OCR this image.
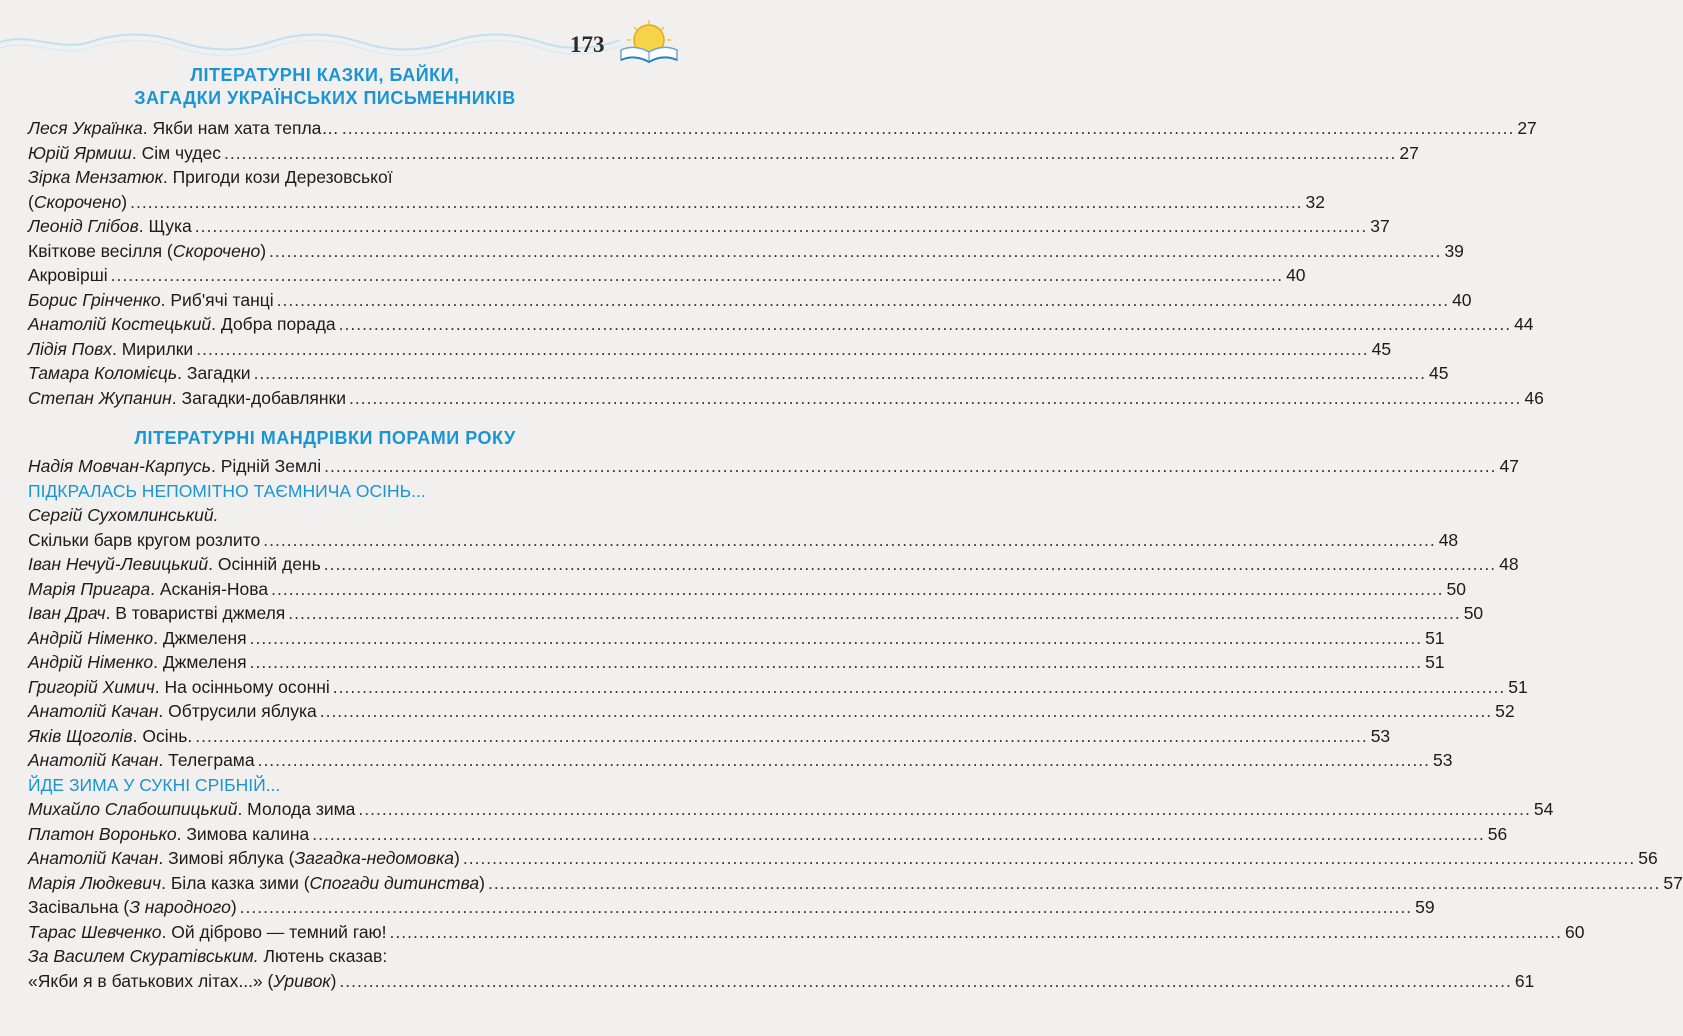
173
ЛІТЕРАТУРНІ КАЗКИ, БАЙКИ,
ЗАГАДКИ УКРАЇНСЬКИХ ПИСЬМЕННИКІВ
Леся Українка. Якби нам хата тепла… ........................................................................................................................................................................................................ 27
Юрій Ярмиш. Сім чудес ........................................................................................................................................................................................................ 27
Зірка Мензатюк. Пригоди кози Дерезовської
(Скорочено) ........................................................................................................................................................................................................ 32
Леонід Глібов. Щука ........................................................................................................................................................................................................ 37
Квіткове весілля (Скорочено) ........................................................................................................................................................................................................ 39
Акровірші ........................................................................................................................................................................................................ 40
Борис Грінченко. Риб'ячі танці ........................................................................................................................................................................................................ 40
Анатолій Костецький. Добра порада ........................................................................................................................................................................................................ 44
Лідія Повх. Мирилки ........................................................................................................................................................................................................ 45
Тамара Коломієць. Загадки ........................................................................................................................................................................................................ 45
Степан Жупанин. Загадки-добавлянки ........................................................................................................................................................................................................ 46
ЛІТЕРАТУРНІ МАНДРІВКИ ПОРАМИ РОКУ
Надія Мовчан-Карпусь. Рідній Землі ........................................................................................................................................................................................................ 47
ПІДКРАЛАСЬ НЕПОМІТНО ТАЄМНИЧА ОСІНЬ...
Сергій Сухомлинський.
Скільки барв кругом розлито ........................................................................................................................................................................................................ 48
Іван Нечуй-Левицький. Осінній день ........................................................................................................................................................................................................ 48
Марія Пригара. Асканія-Нова ........................................................................................................................................................................................................ 50
Іван Драч. В товаристві джмеля ........................................................................................................................................................................................................ 50
Андрій Німенко. Джмеленя ........................................................................................................................................................................................................ 51
Андрій Німенко. Джмеленя ........................................................................................................................................................................................................ 51
Григорій Химич. На осінньому осонні ........................................................................................................................................................................................................ 51
Анатолій Качан. Обтрусили яблука ........................................................................................................................................................................................................ 52
Яків Щоголів. Осінь. ........................................................................................................................................................................................................ 53
Анатолій Качан. Телеграма ........................................................................................................................................................................................................ 53
ЙДЕ ЗИМА У СУКНІ СРІБНІЙ...
Михайло Слабошпицький. Молода зима ........................................................................................................................................................................................................ 54
Платон Воронько. Зимова калина ........................................................................................................................................................................................................ 56
Анатолій Качан. Зимові яблука (Загадка-недомовка) ........................................................................................................................................................................................................ 56
Марія Людкевич. Біла казка зими (Спогади дитинства) ........................................................................................................................................................................................................ 57
Засівальна (З народного) ........................................................................................................................................................................................................ 59
Тарас Шевченко. Ой діброво — темний гаю! ........................................................................................................................................................................................................ 60
За Василем Скуратівським. Лютень сказав:
«Якби я в батькових літах...» (Уривок) ........................................................................................................................................................................................................ 61
